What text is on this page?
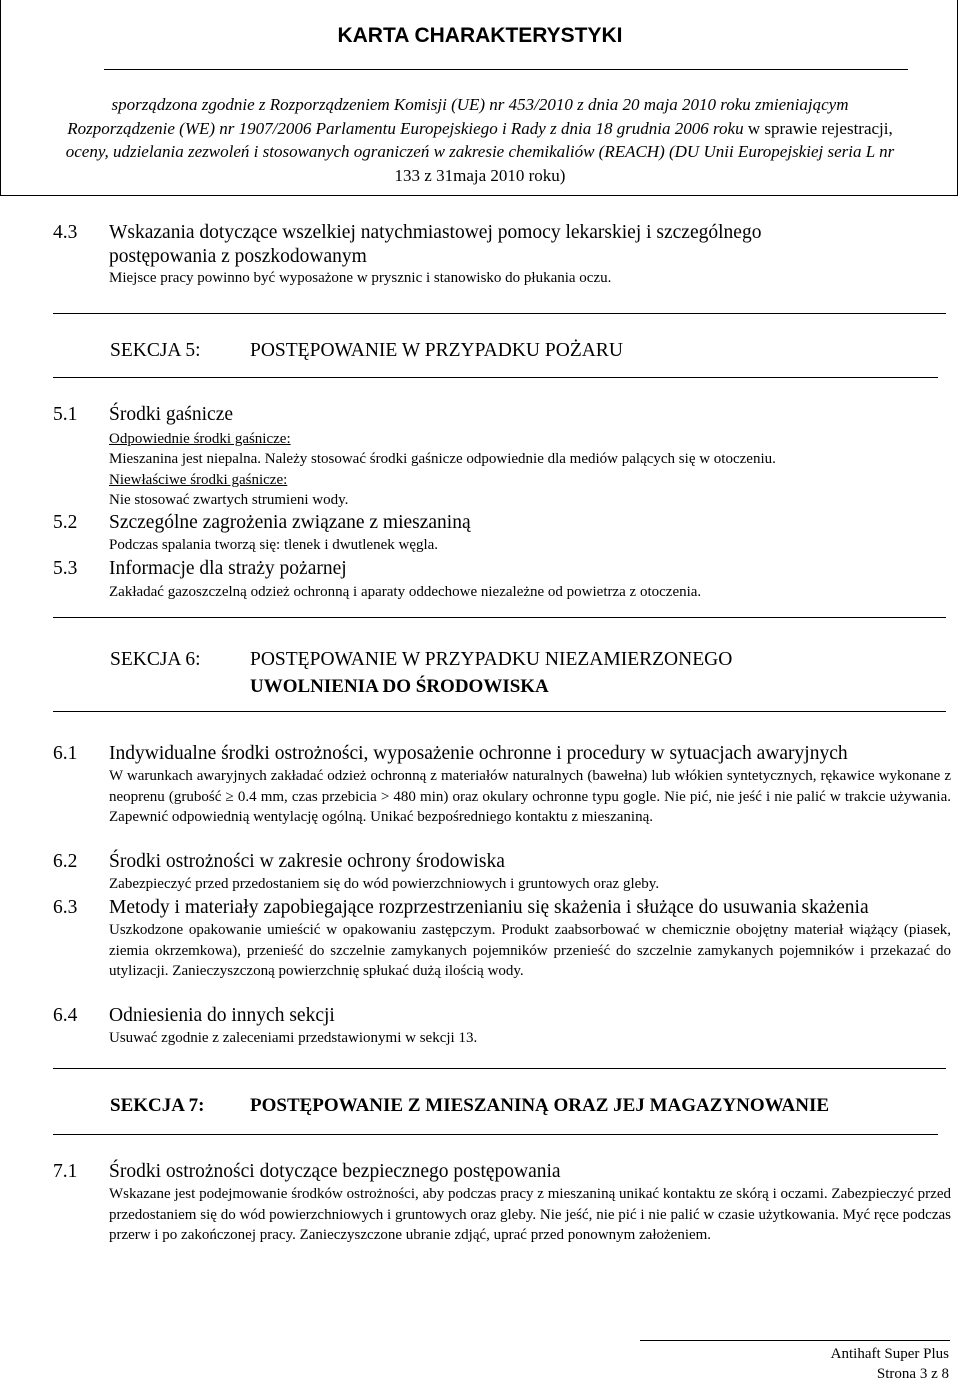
KARTA CHARAKTERYSTYKI
sporządzona zgodnie z Rozporządzeniem Komisji (UE) nr 453/2010 z dnia 20 maja 2010 roku zmieniającym
Rozporządzenie (WE) nr 1907/2006 Parlamentu Europejskiego i Rady z dnia 18 grudnia 2006 roku w sprawie rejestracji,
oceny, udzielania zezwoleń i stosowanych ograniczeń w zakresie chemikaliów (REACH) (DU Unii Europejskiej seria L nr
133 z 31maja 2010 roku)
4.3 Wskazania dotyczące wszelkiej natychmiastowej pomocy lekarskiej i szczególnego
postępowania z poszkodowanym
Miejsce pracy powinno być wyposażone w prysznic i stanowisko do płukania oczu.
SEKCJA 5:	POSTĘPOWANIE W PRZYPADKU POŻARU
5.1 Środki gaśnicze
Odpowiednie środki gaśnicze:
Mieszanina jest niepalna. Należy stosować środki gaśnicze odpowiednie dla mediów palących się w otoczeniu.
Niewłaściwe środki gaśnicze:
Nie stosować zwartych strumieni wody.
5.2 Szczególne zagrożenia związane z mieszaniną
Podczas spalania tworzą się: tlenek i dwutlenek węgla.
5.3 Informacje dla straży pożarnej
Zakładać gazoszczelną odzież ochronną i aparaty oddechowe niezależne od powietrza z otoczenia.
SEKCJA 6:	POSTĘPOWANIE W PRZYPADKU NIEZAMIERZONEGO
UWOLNIENIA DO ŚRODOWISKA
6.1 Indywidualne środki ostrożności, wyposażenie ochronne i procedury w sytuacjach awaryjnych
W warunkach awaryjnych zakładać odzież ochronną z materiałów naturalnych (bawełna) lub włókien syntetycznych, rękawice wykonane z neoprenu (grubość ≥ 0.4 mm, czas przebicia > 480 min) oraz okulary ochronne typu gogle. Nie pić, nie jeść i nie palić w trakcie używania. Zapewnić odpowiednią wentylację ogólną. Unikać bezpośredniego kontaktu z mieszaniną.
6.2 Środki ostrożności w zakresie ochrony środowiska
Zabezpieczyć przed przedostaniem się do wód powierzchniowych i gruntowych oraz gleby.
6.3 Metody i materiały zapobiegające rozprzestrzenianiu się skażenia i służące do usuwania skażenia
Uszkodzone opakowanie umieścić w opakowaniu zastępczym. Produkt zaabsorbować w chemicznie obojętny materiał wiążący (piasek, ziemia okrzemkowa), przenieść do szczelnie zamykanych pojemników przenieść do szczelnie zamykanych pojemników i przekazać do utylizacji. Zanieczyszczoną powierzchnię spłukać dużą ilością wody.
6.4 Odniesienia do innych sekcji
Usuwać zgodnie z zaleceniami przedstawionymi w sekcji 13.
SEKCJA 7: POSTĘPOWANIE Z MIESZANINĄ ORAZ JEJ MAGAZYNOWANIE
7.1 Środki ostrożności dotyczące bezpiecznego postępowania
Wskazane jest podejmowanie środków ostrożności, aby podczas pracy z mieszaniną unikać kontaktu ze skórą i oczami. Zabezpieczyć przed przedostaniem się do wód powierzchniowych i gruntowych oraz gleby. Nie jeść, nie pić i nie palić w czasie użytkowania. Myć ręce podczas przerw i po zakończonej pracy. Zanieczyszczone ubranie zdjąć, uprać przed ponownym założeniem.
Antihaft Super Plus
Strona 3 z 8
